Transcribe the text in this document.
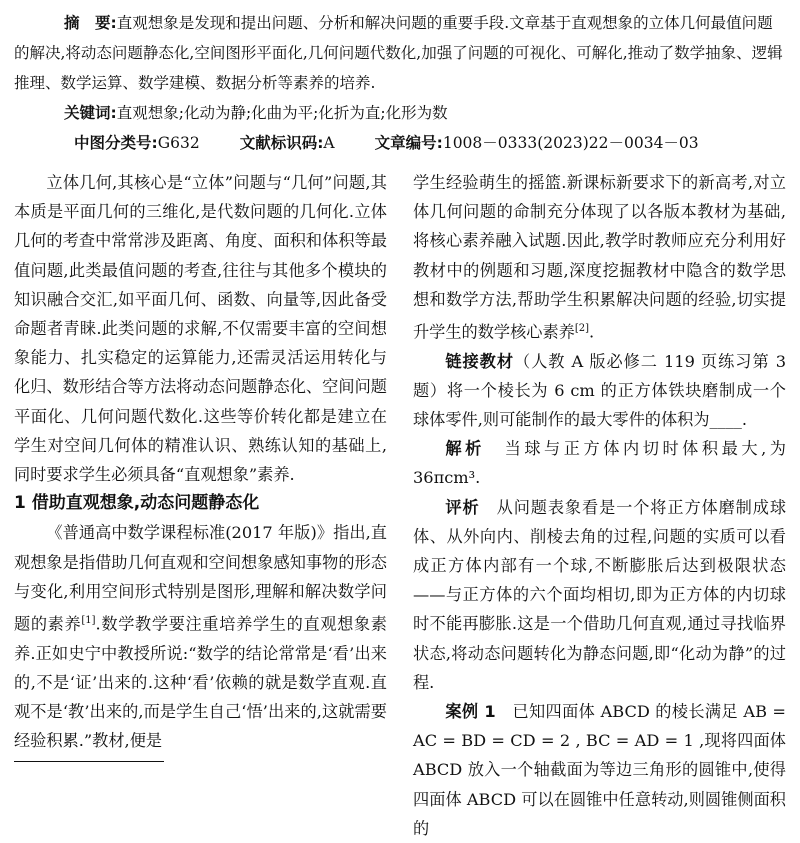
摘　要:直观想象是发现和提出问题、分析和解决问题的重要手段.文章基于直观想象的立体几何最值问题的解决,将动态问题静态化,空间图形平面化,几何问题代数化,加强了问题的可视化、可解化,推动了数学抽象、逻辑推理、数学运算、数学建模、数据分析等素养的培养.

关键词:直观想象;化动为静;化曲为平;化折为直;化形为数

中图分类号:G632	文献标识码:A	文章编号:1008－0333(2023)22－0034－03

立体几何,其核心是“立体”问题与“几何”问题,其本质是平面几何的三维化,是代数问题的几何化.立体几何的考查中常常涉及距离、角度、面积和体积等最值问题,此类最值问题的考查,往往与其他多个模块的知识融合交汇,如平面几何、函数、向量等,因此备受命题者青睐.此类问题的求解,不仅需要丰富的空间想象能力、扎实稳定的运算能力,还需灵活运用转化与化归、数形结合等方法将动态问题静态化、空间问题平面化、几何问题代数化.这些等价转化都是建立在学生对空间几何体的精准认识、熟练认知的基础上,同时要求学生必须具备“直观想象”素养.

1 借助直观想象,动态问题静态化

《普通高中数学课程标准(2017 年版)》指出,直观想象是指借助几何直观和空间想象感知事物的形态与变化,利用空间形式特别是图形,理解和解决数学问题的素养[1].数学教学要注重培养学生的直观想象素养.正如史宁中教授所说:“数学的结论常常是‘看’出来的,不是‘证’出来的.这种‘看’依赖的就是数学直观.直观不是‘教’出来的,而是学生自己‘悟’出来的,这就需要经验积累.”教材,便是

学生经验萌生的摇篮.新课标新要求下的新高考,对立体几何问题的命制充分体现了以各版本教材为基础,将核心素养融入试题.因此,教学时教师应充分利用好教材中的例题和习题,深度挖掘教材中隐含的数学思想和数学方法,帮助学生积累解决问题的经验,切实提升学生的数学核心素养[2].

链接教材（人教 A 版必修二 119 页练习第 3 题）将一个棱长为 6 cm 的正方体铁块磨制成一个球体零件,则可能制作的最大零件的体积为____.

解析　 当球与正方体内切时体积最大,为 36πcm³.

评析　 从问题表象看是一个将正方体磨制成球体、从外向内、削棱去角的过程,问题的实质可以看成正方体内部有一个球,不断膨胀后达到极限状态——与正方体的六个面均相切,即为正方体的内切球时不能再膨胀.这是一个借助几何直观,通过寻找临界状态,将动态问题转化为静态问题,即“化动为静”的过程.

案例 1　 已知四面体 ABCD 的棱长满足 AB = AC = BD = CD = 2 , BC = AD = 1 ,现将四面体 ABCD 放入一个轴截面为等边三角形的圆锥中,使得四面体 ABCD 可以在圆锥中任意转动,则圆锥侧面积的
